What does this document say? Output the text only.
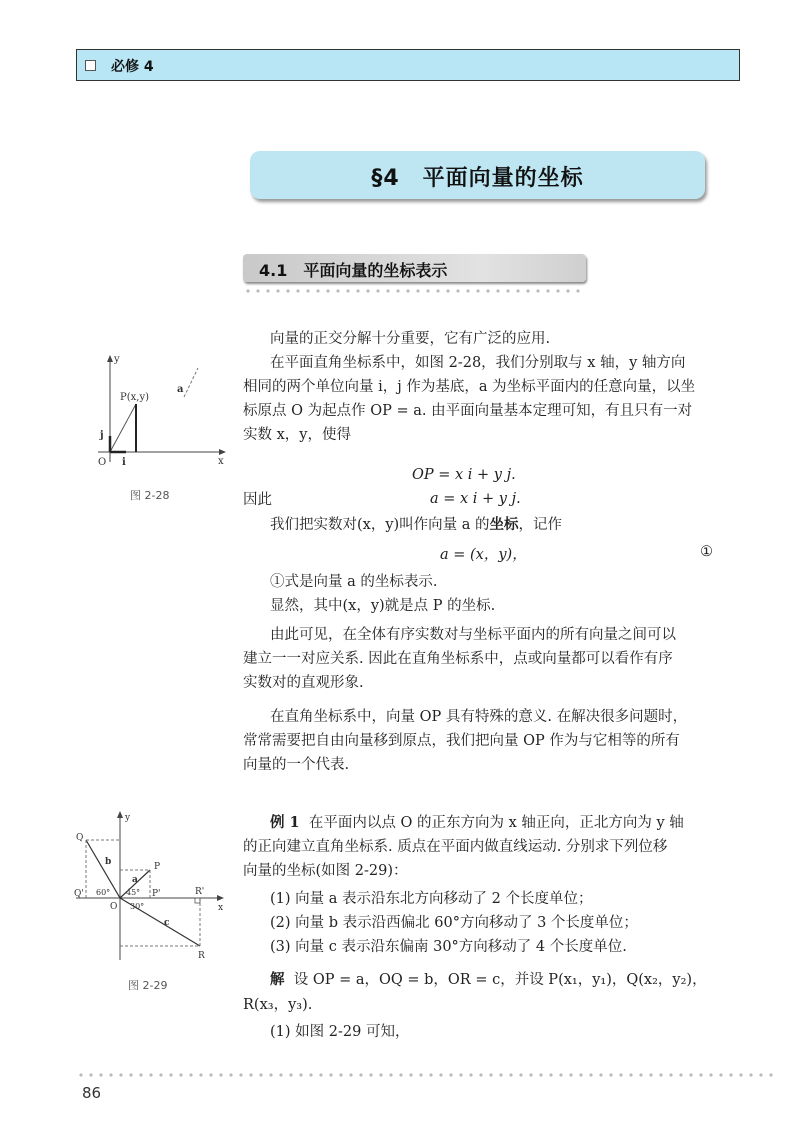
必修 4
§4　平面向量的坐标
4.1　平面向量的坐标表示
y
x
O
P(x,y)
a
i
j
图 2-28
向量的正交分解十分重要，它有广泛的应用.
在平面直角坐标系中，如图 2-28，我们分别取与 x 轴，y 轴方向
相同的两个单位向量 i，j 作为基底，a 为坐标平面内的任意向量，以坐
标原点 O 为起点作 OP = a. 由平面向量基本定理可知，有且只有一对
实数 x，y，使得
OP = x i + y j.
因此	a = x i + y j.
我们把实数对(x，y)叫作向量 a 的坐标，记作
a = (x，y)，	①
①式是向量 a 的坐标表示.
显然，其中(x，y)就是点 P 的坐标.
由此可见，在全体有序实数对与坐标平面内的所有向量之间可以
建立一一对应关系. 因此在直角坐标系中，点或向量都可以看作有序
实数对的直观形象.
在直角坐标系中，向量 OP 具有特殊的意义. 在解决很多问题时，
常常需要把自由向量移到原点，我们把向量 OP 作为与它相等的所有
向量的一个代表.
y
x
O
Q
Q'
P
P'
R
R'
a
b
c
60° 45°
30°
图 2-29
例 1 在平面内以点 O 的正东方向为 x 轴正向，正北方向为 y 轴
的正向建立直角坐标系. 质点在平面内做直线运动. 分别求下列位移
向量的坐标(如图 2-29)：
(1) 向量 a 表示沿东北方向移动了 2 个长度单位；
(2) 向量 b 表示沿西偏北 60°方向移动了 3 个长度单位；
(3) 向量 c 表示沿东偏南 30°方向移动了 4 个长度单位.
解 设 OP = a，OQ = b，OR = c，并设 P(x₁，y₁)，Q(x₂，y₂)，
R(x₃，y₃).
(1) 如图 2-29 可知，
86
